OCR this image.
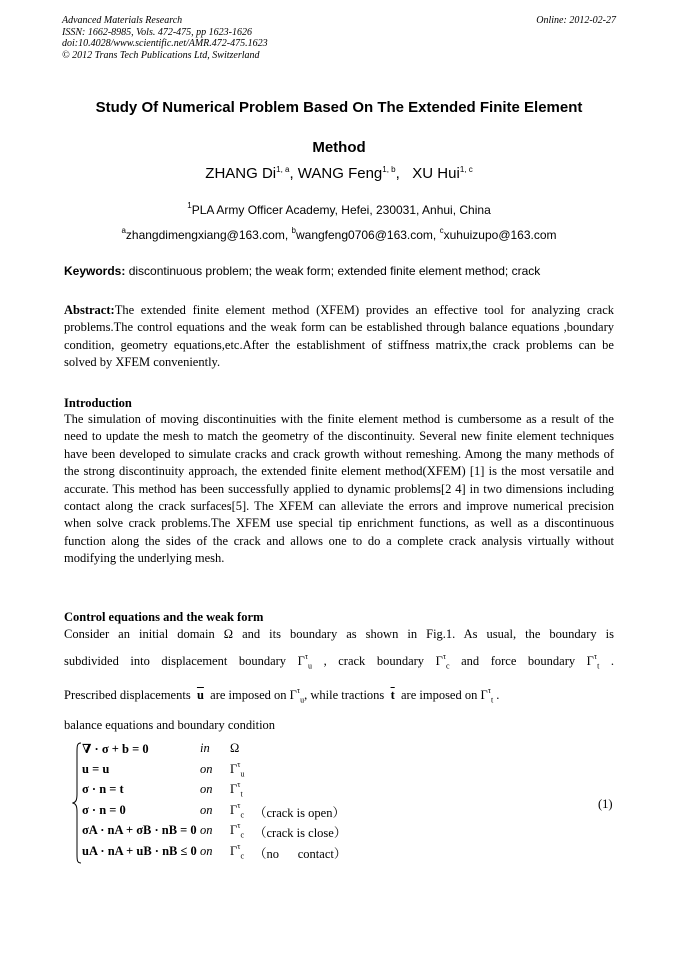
Advanced Materials Research
ISSN: 1662-8985, Vols. 472-475, pp 1623-1626
doi:10.4028/www.scientific.net/AMR.472-475.1623
© 2012 Trans Tech Publications Ltd, Switzerland
Online: 2012-02-27
Study Of Numerical Problem Based On The Extended Finite Element
Method
ZHANG Di$^{1, a}$, WANG Feng$^{1, b}$,   XU Hui$^{1, c}$
$^1$PLA Army Officer Academy, Hefei, 230031, Anhui, China
$^a$zhangdimengxiang@163.com, $^b$wangfeng0706@163.com, $^c$xuhuizupo@163.com
Keywords: discontinuous problem; the weak form; extended finite element method; crack
Abstract:The extended finite element method (XFEM) provides an effective tool for analyzing crack problems.The control equations and the weak form can be established through balance equations ,boundary condition, geometry equations,etc.After the establishment of stiffness matrix,the crack problems can be solved by XFEM conveniently.
Introduction
The simulation of moving discontinuities with the finite element method is cumbersome as a result of the need to update the mesh to match the geometry of the discontinuity. Several new finite element techniques have been developed to simulate cracks and crack growth without remeshing. Among the many methods of the strong discontinuity approach, the extended finite element method(XFEM) [1] is the most versatile and accurate. This method has been successfully applied to dynamic problems[2 4] in two dimensions including contact along the crack surfaces[5]. The XFEM can alleviate the errors and improve numerical precision when solve crack problems.The XFEM use special tip enrichment functions, as well as a discontinuous function along the sides of the crack and allows one to do a complete crack analysis virtually without modifying the underlying mesh.
Control equations and the weak form
Consider an initial domain Ω and its boundary as shown in Fig.1. As usual, the boundary is
subdivided into displacement boundary $\Gamma^\tau_u$ , crack boundary $\Gamma^\tau_c$ and force boundary $\Gamma^\tau_t$ .
Prescribed displacements  $\overline{u}$  are imposed on $\Gamma^\tau_u$, while tractions  $\overline{t}$  are imposed on $\Gamma^\tau_t$ .
balance equations and boundary condition
∇ · σ + b = 0	in Ω
u = u	on $\Gamma^\tau_u$
σ · n = t	on $\Gamma^\tau_t$
σ · n = 0	on $\Gamma^\tau_c$ （crack is open）
σA · nA + σB · nB = 0 on $\Gamma^\tau_c$ （crack is close）
uA · nA + uB · nB ≤ 0 on $\Gamma^\tau_c$ （no      contact）
(1)
